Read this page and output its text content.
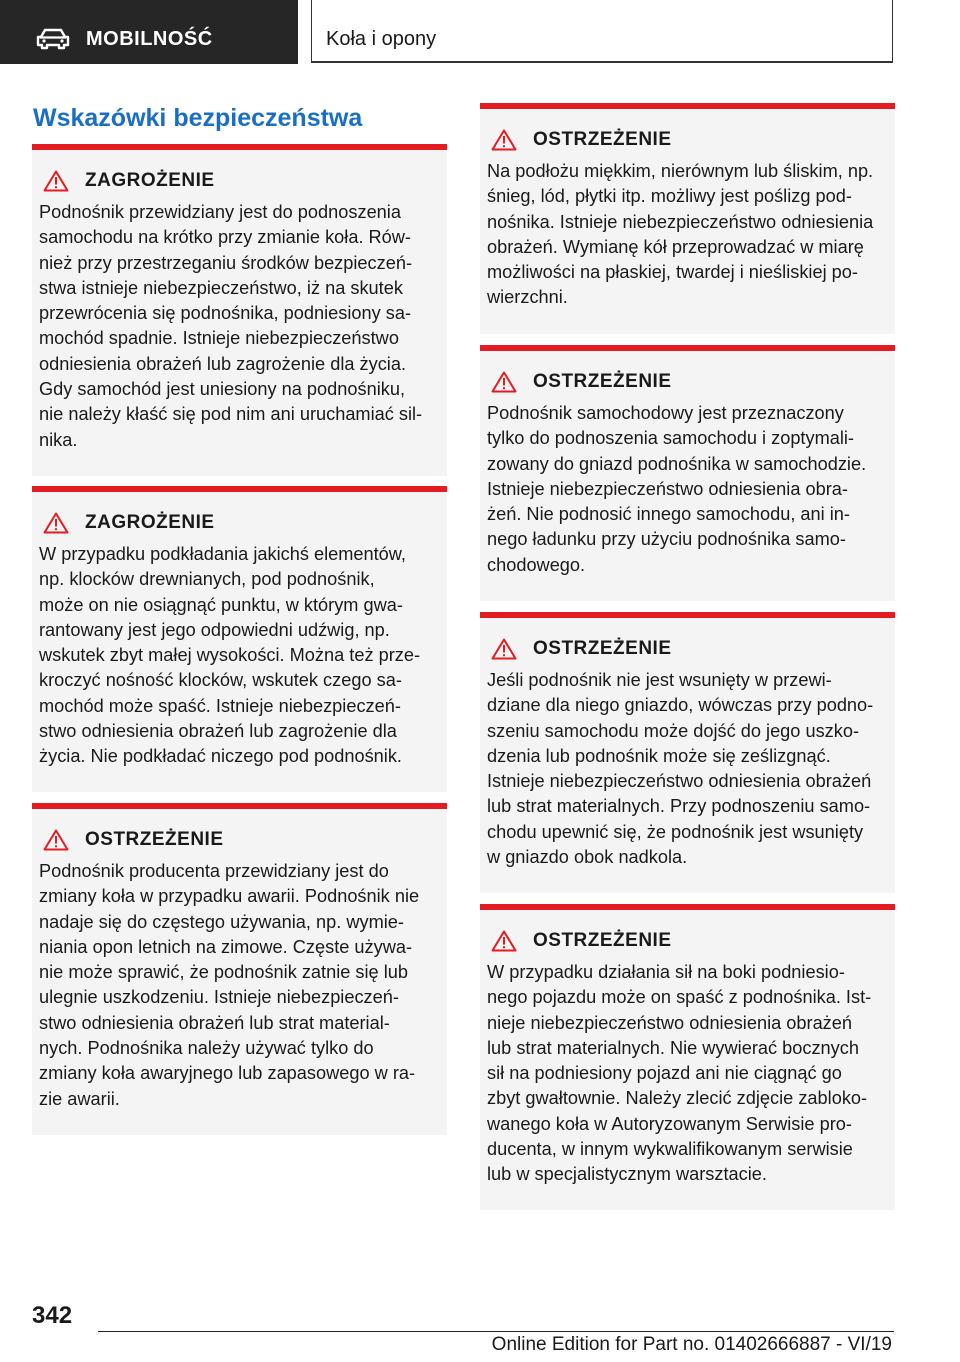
MOBILNOŚĆ	Koła i opony
Wskazówki bezpieczeństwa
ZAGROŻENIE
Podnośnik przewidziany jest do podnoszenia
samochodu na krótko przy zmianie koła. Rów-
nież przy przestrzeganiu środków bezpieczeń-
stwa istnieje niebezpieczeństwo, iż na skutek
przewrócenia się podnośnika, podniesiony sa-
mochód spadnie. Istnieje niebezpieczeństwo
odniesienia obrażeń lub zagrożenie dla życia.
Gdy samochód jest uniesiony na podnośniku,
nie należy kłaść się pod nim ani uruchamiać sil-
nika.
ZAGROŻENIE
W przypadku podkładania jakichś elementów,
np. klocków drewnianych, pod podnośnik,
może on nie osiągnąć punktu, w którym gwa-
rantowany jest jego odpowiedni udźwig, np.
wskutek zbyt małej wysokości. Można też prze-
kroczyć nośność klocków, wskutek czego sa-
mochód może spaść. Istnieje niebezpieczeń-
stwo odniesienia obrażeń lub zagrożenie dla
życia. Nie podkładać niczego pod podnośnik.
OSTRZEŻENIE
Podnośnik producenta przewidziany jest do
zmiany koła w przypadku awarii. Podnośnik nie
nadaje się do częstego używania, np. wymie-
niania opon letnich na zimowe. Częste używa-
nie może sprawić, że podnośnik zatnie się lub
ulegnie uszkodzeniu. Istnieje niebezpieczeń-
stwo odniesienia obrażeń lub strat material-
nych. Podnośnika należy używać tylko do
zmiany koła awaryjnego lub zapasowego w ra-
zie awarii.
OSTRZEŻENIE
Na podłożu miękkim, nierównym lub śliskim, np.
śnieg, lód, płytki itp. możliwy jest poślizg pod-
nośnika. Istnieje niebezpieczeństwo odniesienia
obrażeń. Wymianę kół przeprowadzać w miarę
możliwości na płaskiej, twardej i nieśliskiej po-
wierzchni.
OSTRZEŻENIE
Podnośnik samochodowy jest przeznaczony
tylko do podnoszenia samochodu i zoptymali-
zowany do gniazd podnośnika w samochodzie.
Istnieje niebezpieczeństwo odniesienia obra-
żeń. Nie podnosić innego samochodu, ani in-
nego ładunku przy użyciu podnośnika samo-
chodowego.
OSTRZEŻENIE
Jeśli podnośnik nie jest wsunięty w przewi-
dziane dla niego gniazdo, wówczas przy podno-
szeniu samochodu może dojść do jego uszko-
dzenia lub podnośnik może się ześlizgnąć.
Istnieje niebezpieczeństwo odniesienia obrażeń
lub strat materialnych. Przy podnoszeniu samo-
chodu upewnić się, że podnośnik jest wsunięty
w gniazdo obok nadkola.
OSTRZEŻENIE
W przypadku działania sił na boki podniesio-
nego pojazdu może on spaść z podnośnika. Ist-
nieje niebezpieczeństwo odniesienia obrażeń
lub strat materialnych. Nie wywierać bocznych
sił na podniesiony pojazd ani nie ciągnąć go
zbyt gwałtownie. Należy zlecić zdjęcie zabloko-
wanego koła w Autoryzowanym Serwisie pro-
ducenta, w innym wykwalifikowanym serwisie
lub w specjalistycznym warsztacie.
342
Online Edition for Part no. 01402666887 - VI/19
